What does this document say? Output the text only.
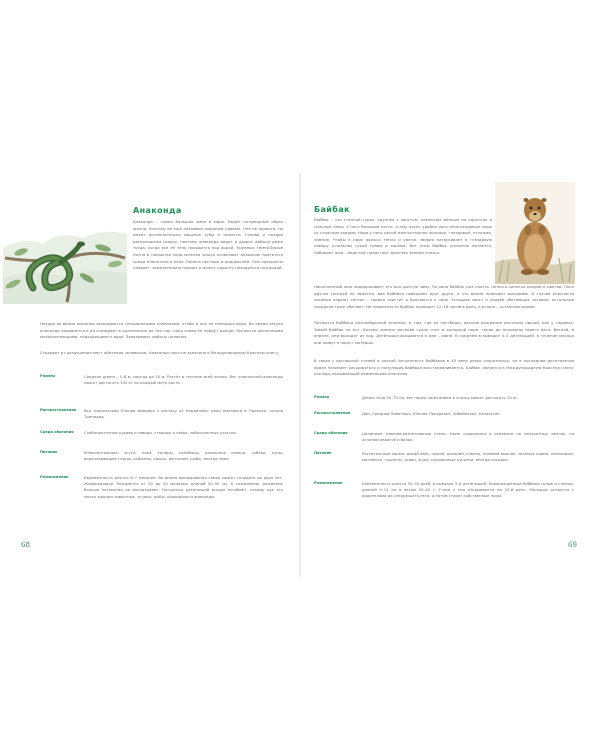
Анаконда
Анаконда – самая большая змея в мире. Ведёт полуводный образ жизни, поэтому её ещё называют водяным удавом. Она не ядовита, но имеет исключительно мощные зубы и челюсти. Голова и ноздри расположены сверху, поэтому анаконда видит и дышит добычу даже тогда, когда всё её тело находится под водой. Крупные тёмно-бурые пятна и покрытая серо-зелёная чешуя позволяют анаконде прятаться среди планктона в реке. Берега пестрые и водорослей. Она прекрасно плавает, замечательно ныряет и может подолгу находиться под водой.
Ноздри во время ныряния закрываются специальными клапанами, чтобы в них не попадала вода. Во время засухи анаконда зарывается в ил и впадает в оцепенение до тех пор, пока снова не пойдут дожди. Питаются различными млекопитающими, подходящими к воде. Запаливают добычу целиком.
Страдает от разрушения мест обитания человеком. Анаконда пока не занесена в Международную Красную книгу.
Размер	Средняя длина – 5–6 м, иногда до 10 м. Растёт в течение всей жизни. Вес уникальной анаконды может достигать 100 кг на каждый метр роста.
Распространение Вся тропическая Южная Америка к востоку от Кордильер: реки Амазонка и Ориноко, остров Тринидад.
Среда обитания	Слабопроточные рукава и заводи, старицы и озёра, заболоченные участки.
Питание	Млекопитающие: агути, пака, тапиры, капибары, домашние свиньи, собаки, куры; водоплавающие птицы, кайманы, крысы, рептилии, рыбы, иногда змеи.
Размножение	Беременность длится 6–7 месяцев. Во время вынашивания самка может голодать до двух лет. Живородящая. Рождается от 20 до 40 молодых длиной 50–90 см. К сожалению, рождение больше потомства не воспитывает. Несколько детёнышей вскоре погибает, потому как это много хищных животных, ягуары, рыбы, крокодилы и анаконды.
68
Байбак
Байбак – это степной сурок, крупнее с хвостом, немногим меньше по короткое и сильные лапы. У него большие когти, и ему очень удобно рыть многоходовые норы со сложным ходами. Нора у него целой многоэтажное жилище, гнездовые, отхожие, зимние. Чтобы в норе жилось тепло и уютно, зверёк натаскивает в гнездовую камеру (спальню) сухой травы и кормов. Вот этим байбак усиленно питается, набирает жир – ведь ему предстоит длинная зимняя спячка.
Накопленный жир поддерживает его всю долгую зиму. За рано байбак уже съесть теплого кипятка кипрей и цветов. Пока других соседей не заметно, два байбака навещают друг друга, а что время проходит выкормив. В случае опасности часовые издают сигнал – громко свистит и бросаются к норе. Услышав свист и увидев убегающих часовых, остальные сородичи тоже убегают. На поверхности байбак проводит 12–16 часов в день, а в норе – остальное время.
Питаются байбаки разнообразной зеленью, и там, где их пастбище, весною рождение растения пищей, как у садовых. Зимой байбак не ест. Восемь зимних месяцев сурок спит в холодной норе, теряя до половины своего веса. Весной, в апреле, они выходят из нор. Детёныши рождаются в мае – июне. В среднем в выводке 4–5 детёнышей, в течение месяца они живут в норе с матерью.
В связи с распашкой степей и охотой численность байбаков в XX веке резко сократилась, но в последние десятилетия ареал начинает расширяться и популяция байбака восстанавливается. Байбак является в Международную Красную книгу как вид, вызывающий наименьшие опасения.
Размер	Длина тела 50–70 см, вес перед залеганием в спячку может достигать 10 кг.
Распространение	Дон, Средняя Поволжья, Южное Приуралье, Забайкалье, Казахстан.
Среда обитания	Целинные злаково-разнотравные степи. Ныне сохранился в основном на непахотных землях, по склонам оврагов и балок.
Питание	Растительные корма: дикий овёс, пырей, цикорий, клевер, полевой вьюнок, зелёные корма, насекомые, моллюски, грызуны, черви, жуки, муравьиные куколки, иногда посадки.
Размножение	Беременность длится 30–35 дней, в выводке 3–6 детёнышей. Новорождённые байбаки голые и слепые, длиной 9–11 см и весом 30–40 г. Глаза у них открываются на 20-й день. Молодые остаются с родителями до следующего лета, а потом строят собственные норы.
69
